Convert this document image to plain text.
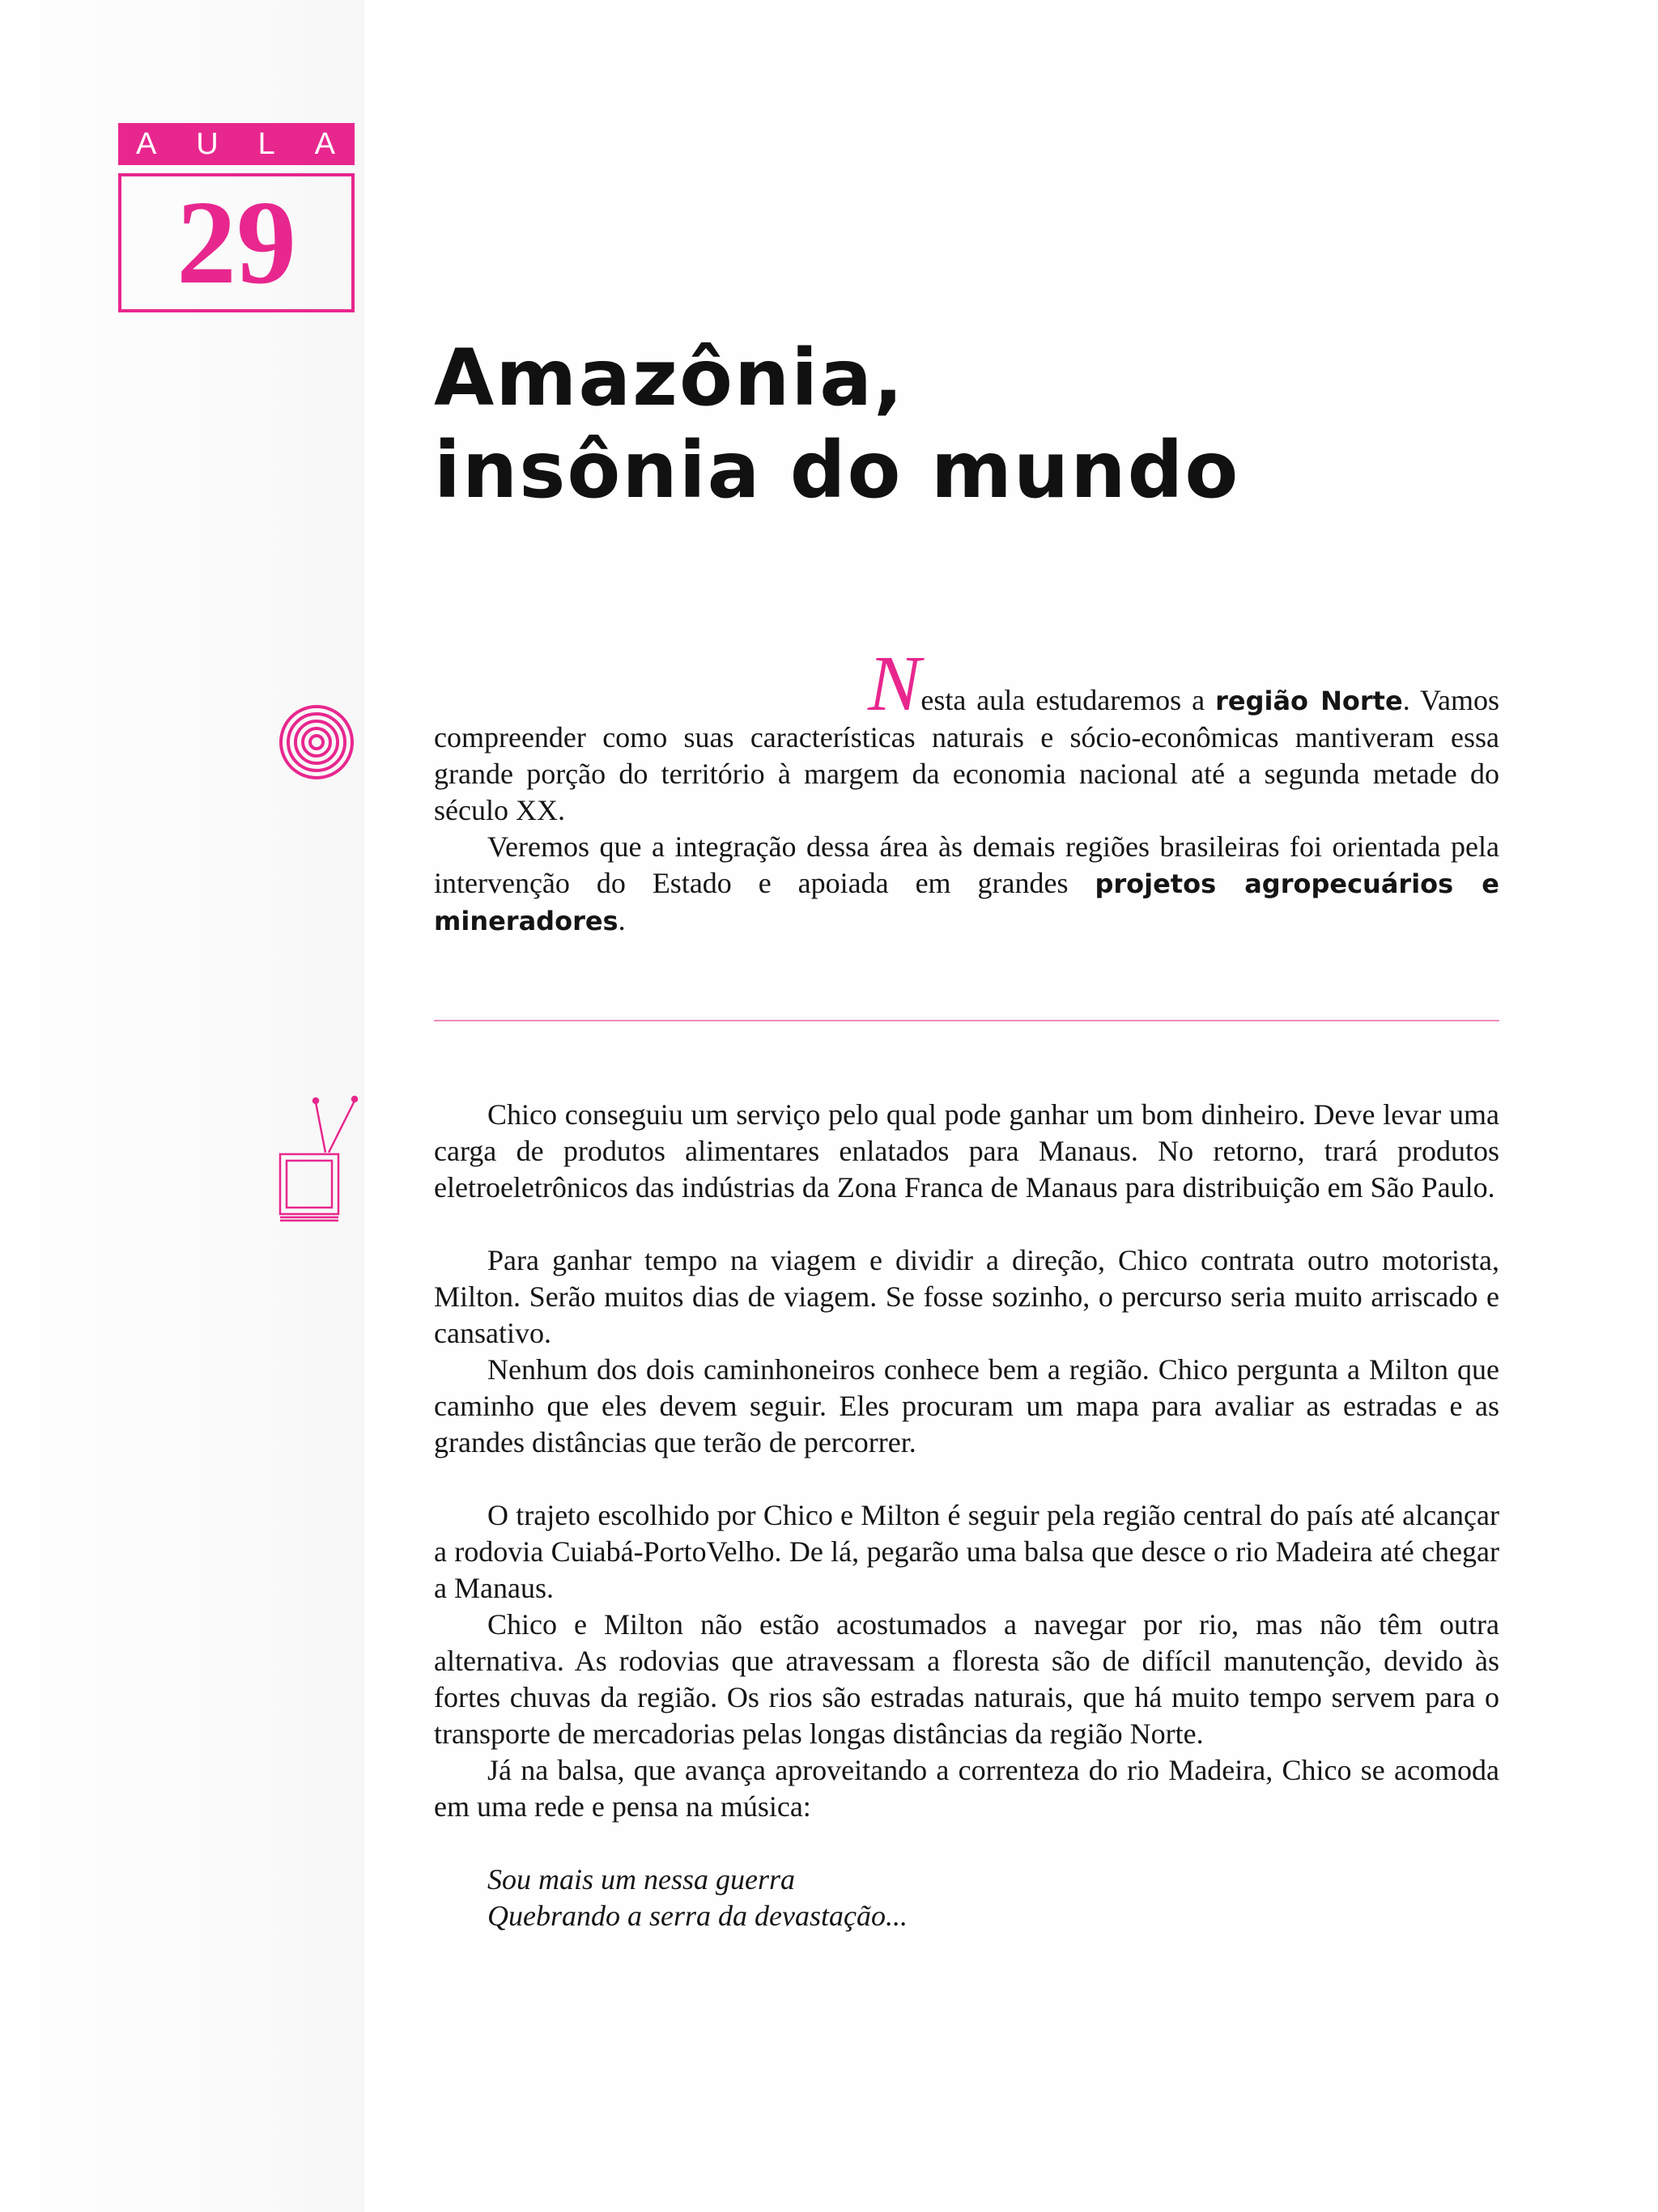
A U L A
29
Amazônia,
insônia do mundo

Nesta aula estudaremos a região Norte. Vamos compreender como suas características naturais e sócio-econômicas mantiveram essa grande porção do território à margem da economia nacional até a segunda metade do século XX.

Veremos que a integração dessa área às demais regiões brasileiras foi orientada pela intervenção do Estado e apoiada em grandes projetos agropecuários e mineradores.

Chico conseguiu um serviço pelo qual pode ganhar um bom dinheiro. Deve levar uma carga de produtos alimentares enlatados para Manaus. No retorno, trará produtos eletroeletrônicos das indústrias da Zona Franca de Manaus para distribuição em São Paulo.

Para ganhar tempo na viagem e dividir a direção, Chico contrata outro motorista, Milton. Serão muitos dias de viagem. Se fosse sozinho, o percurso seria muito arriscado e cansativo.

Nenhum dos dois caminhoneiros conhece bem a região. Chico pergunta a Milton que caminho que eles devem seguir. Eles procuram um mapa para avaliar as estradas e as grandes distâncias que terão de percorrer.

O trajeto escolhido por Chico e Milton é seguir pela região central do país até alcançar a rodovia Cuiabá-PortoVelho. De lá, pegarão uma balsa que desce o rio Madeira até chegar a Manaus.

Chico e Milton não estão acostumados a navegar por rio, mas não têm outra alternativa. As rodovias que atravessam a floresta são de difícil manutenção, devido às fortes chuvas da região. Os rios são estradas naturais, que há muito tempo servem para o transporte de mercadorias pelas longas distâncias da região Norte.

Já na balsa, que avança aproveitando a correnteza do rio Madeira, Chico se acomoda em uma rede e pensa na música:

Sou mais um nessa guerra

Quebrando a serra da devastação...
